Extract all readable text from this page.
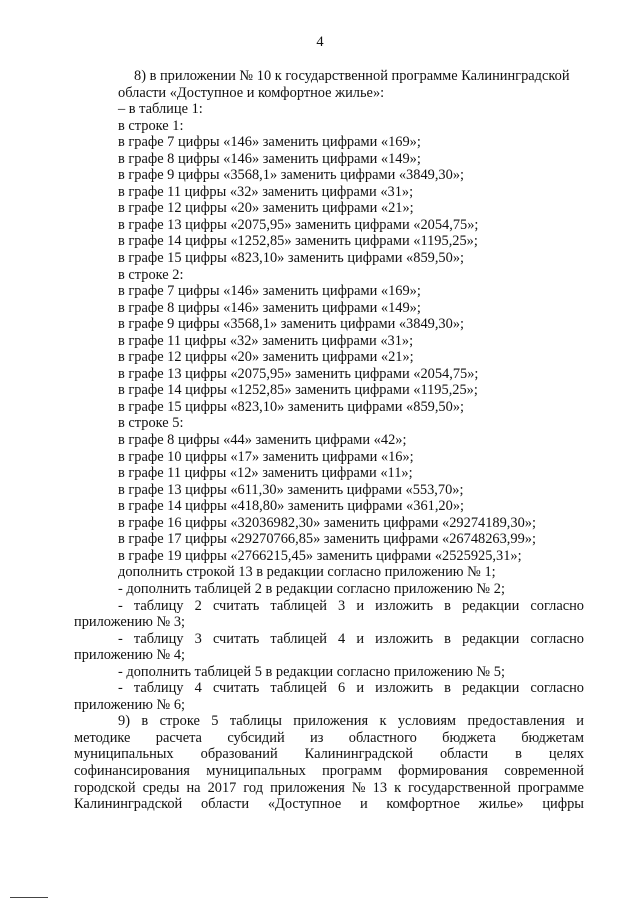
4
8) в приложении № 10 к государственной программе Калининградской
области «Доступное и комфортное жилье»:
– в таблице 1:
в строке 1:
в графе 7 цифры «146» заменить цифрами «169»;
в графе 8 цифры «146» заменить цифрами «149»;
в графе 9 цифры «3568,1» заменить цифрами «3849,30»;
в графе 11 цифры «32» заменить цифрами «31»;
в графе 12 цифры «20» заменить цифрами «21»;
в графе 13 цифры «2075,95» заменить цифрами «2054,75»;
в графе 14 цифры «1252,85» заменить цифрами «1195,25»;
в графе 15 цифры «823,10» заменить цифрами «859,50»;
в строке 2:
в графе 7 цифры «146» заменить цифрами «169»;
в графе 8 цифры «146» заменить цифрами «149»;
в графе 9 цифры «3568,1» заменить цифрами «3849,30»;
в графе 11 цифры «32» заменить цифрами «31»;
в графе 12 цифры «20» заменить цифрами «21»;
в графе 13 цифры «2075,95» заменить цифрами «2054,75»;
в графе 14 цифры «1252,85» заменить цифрами «1195,25»;
в графе 15 цифры «823,10» заменить цифрами «859,50»;
в строке 5:
в графе 8 цифры «44» заменить цифрами «42»;
в графе 10 цифры «17» заменить цифрами «16»;
в графе 11 цифры «12» заменить цифрами «11»;
в графе 13 цифры «611,30» заменить цифрами «553,70»;
в графе 14 цифры «418,80» заменить цифрами «361,20»;
в графе 16 цифры «32036982,30» заменить цифрами «29274189,30»;
в графе 17 цифры «29270766,85» заменить цифрами «26748263,99»;
в графе 19 цифры «2766215,45» заменить цифрами «2525925,31»;
дополнить строкой 13 в редакции согласно приложению № 1;
- дополнить таблицей 2 в редакции согласно приложению № 2;
- таблицу 2 считать таблицей 3 и изложить в редакции согласно
приложению № 3;
- таблицу 3 считать таблицей 4 и изложить в редакции согласно
приложению № 4;
- дополнить таблицей 5 в редакции согласно приложению № 5;
- таблицу 4 считать таблицей 6 и изложить в редакции согласно
приложению № 6;
9) в строке 5 таблицы приложения к условиям предоставления и
методике расчета субсидий из областного бюджета бюджетам
муниципальных образований Калининградской области в целях
софинансирования муниципальных программ формирования современной
городской среды на 2017 год приложения № 13 к государственной программе
Калининградской области «Доступное и комфортное жилье» цифры
